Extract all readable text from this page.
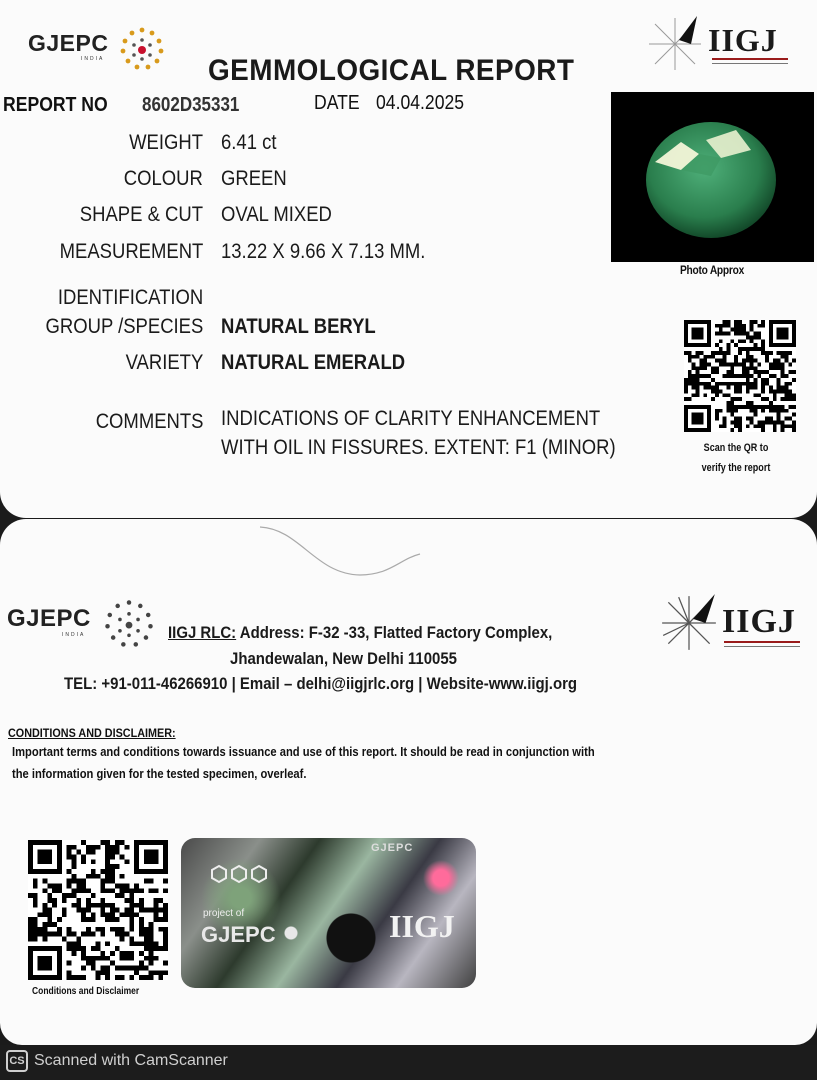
GJEPC
INDIA
IIGJ
GEMMOLOGICAL REPORT
REPORT NO 8602D35331	DATE 04.04.2025
WEIGHT 6.41 ct
COLOUR GREEN
SHAPE & CUT OVAL MIXED
MEASUREMENT 13.22 X 9.66 X 7.13 MM.
IDENTIFICATION
GROUP /SPECIES NATURAL BERYL
VARIETY NATURAL EMERALD
COMMENTS INDICATIONS OF CLARITY ENHANCEMENT
WITH OIL IN FISSURES. EXTENT: F1 (MINOR)
Photo Approx
Scan the QR to
verify the report
GJEPC
INDIA	IIGJ
IIGJ RLC: Address: F-32 -33, Flatted Factory Complex,
Jhandewalan, New Delhi 110055
TEL: +91-011-46266910 | Email – delhi@iigjrlc.org | Website-www.iigj.org
CONDITIONS AND DISCLAIMER:
Important terms and conditions towards issuance and use of this report. It should be read in conjunction with
the information given for the tested specimen, overleaf.
Conditions and Disclaimer
GJEPC
project of
GJEPC	IIGJ
CS Scanned with CamScanner
